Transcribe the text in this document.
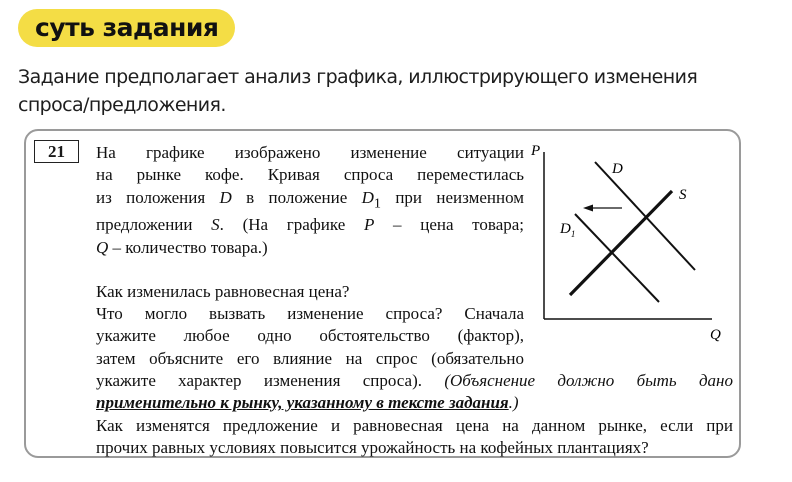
суть задания
Задание предполагает анализ графика, иллюстрирующего изменения
спроса/предложения.
21	На графике изображено изменение ситуации

на рынке кофе. Кривая спроса переместилась

из положения D в положение $D_1$ при неизменном

предложении S. (На графике P – цена товара;

Q – количество товара.)

Как изменилась равновесная цена?

Что могло вызвать изменение спроса? Сначала

укажите любое одно обстоятельство (фактор),

затем объясните его влияние на спрос (обязательно

укажите характер изменения спроса). (Объяснение должно быть дано

применительно к рынку, указанному в тексте задания.)

Как изменятся предложение и равновесная цена на данном рынке, если при

прочих равных условиях повысится урожайность на кофейных плантациях?

P
Q
D
S
$D_1$
